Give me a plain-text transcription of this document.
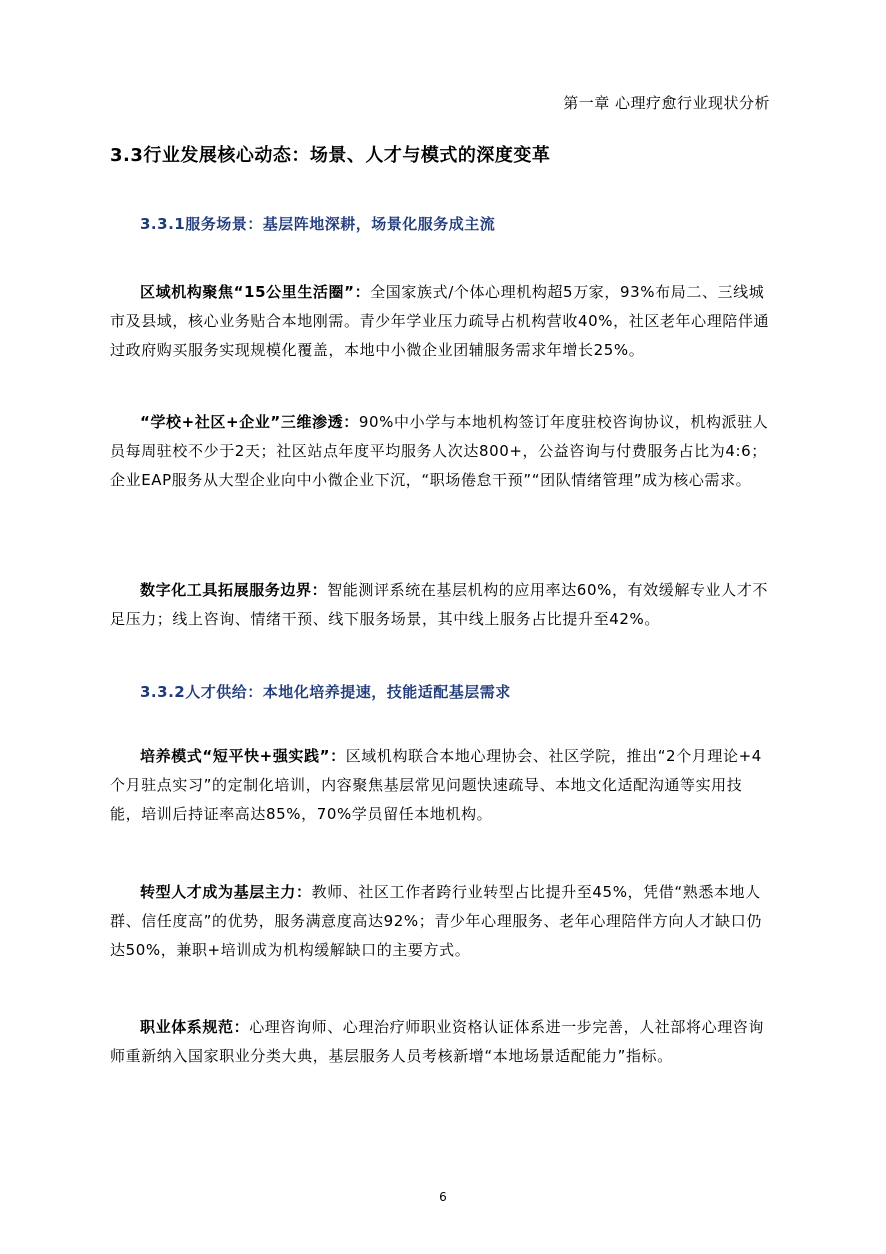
第一章 心理疗愈行业现状分析
3.3行业发展核心动态：场景、人才与模式的深度变革
3.3.1服务场景：基层阵地深耕，场景化服务成主流
区域机构聚焦“15公里生活圈”：全国家族式/个体心理机构超5万家，93%布局二、三线城市及县域，核心业务贴合本地刚需。青少年学业压力疏导占机构营收40%，社区老年心理陪伴通过政府购买服务实现规模化覆盖，本地中小微企业团辅服务需求年增长25%。
“学校+社区+企业”三维渗透：90%中小学与本地机构签订年度驻校咨询协议，机构派驻人员每周驻校不少于2天；社区站点年度平均服务人次达800+，公益咨询与付费服务占比为4:6；企业EAP服务从大型企业向中小微企业下沉，“职场倦怠干预”“团队情绪管理”成为核心需求。
数字化工具拓展服务边界：智能测评系统在基层机构的应用率达60%，有效缓解专业人才不足压力；线上咨询、情绪干预、线下服务场景，其中线上服务占比提升至42%。
3.3.2人才供给：本地化培养提速，技能适配基层需求
培养模式“短平快+强实践”：区域机构联合本地心理协会、社区学院，推出“2个月理论+4个月驻点实习”的定制化培训，内容聚焦基层常见问题快速疏导、本地文化适配沟通等实用技能，培训后持证率高达85%，70%学员留任本地机构。
转型人才成为基层主力：教师、社区工作者跨行业转型占比提升至45%，凭借“熟悉本地人群、信任度高”的优势，服务满意度高达92%；青少年心理服务、老年心理陪伴方向人才缺口仍达50%，兼职+培训成为机构缓解缺口的主要方式。
职业体系规范：心理咨询师、心理治疗师职业资格认证体系进一步完善，人社部将心理咨询师重新纳入国家职业分类大典，基层服务人员考核新增“本地场景适配能力”指标。
6
